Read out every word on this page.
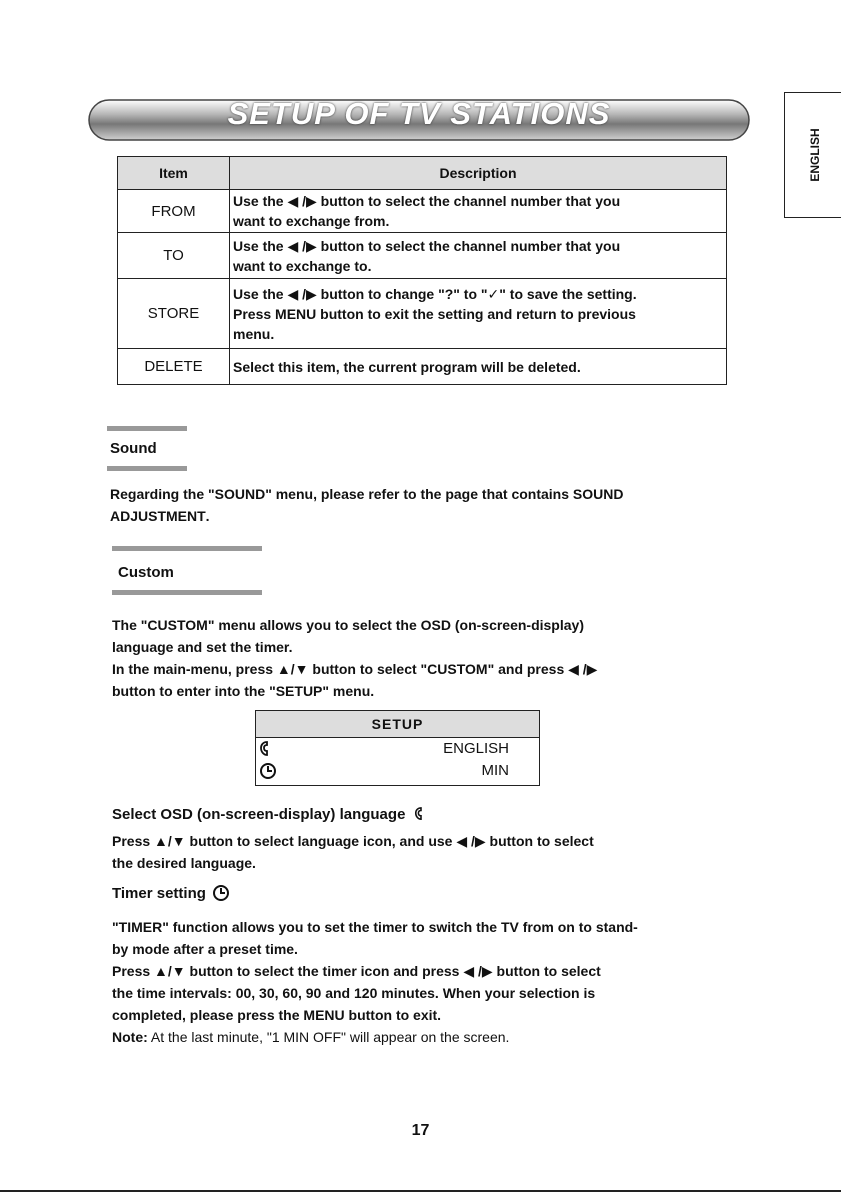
ENGLISH
SETUP OF TV STATIONS
Item	Description
FROM	Use the ◀ /▶ button to select the channel number that you
want to exchange from.

TO	Use the ◀ /▶ button to select the channel number that you
want to exchange to.

STORE	Use the ◀ /▶ button to change "?" to "✓" to save the setting.
Press MENU button to exit the setting and return to previous
menu.

DELETE	Select this item, the current program will be deleted.
Sound
Regarding the "SOUND" menu, please refer to the page that contains SOUND
ADJUSTMENT.
Custom
The "CUSTOM" menu allows you to select the OSD (on-screen-display)
language and set the timer.
In the main-menu, press ▲/▼ button to select "CUSTOM" and press ◀ /▶
button to enter into the "SETUP" menu.
SETUP
ENGLISH
MIN
Select OSD (on-screen-display) language
Press ▲/▼ button to select language icon, and use ◀ /▶ button to select
the desired language.
Timer setting
"TIMER" function allows you to set the timer to switch the TV from on to stand-
by mode after a preset time.
Press ▲/▼ button to select the timer icon and press ◀ /▶ button to select
the time intervals: 00, 30, 60, 90 and 120 minutes. When your selection is
completed, please press the MENU button to exit.
Note: At the last minute, "1 MIN OFF" will appear on the screen.
17
